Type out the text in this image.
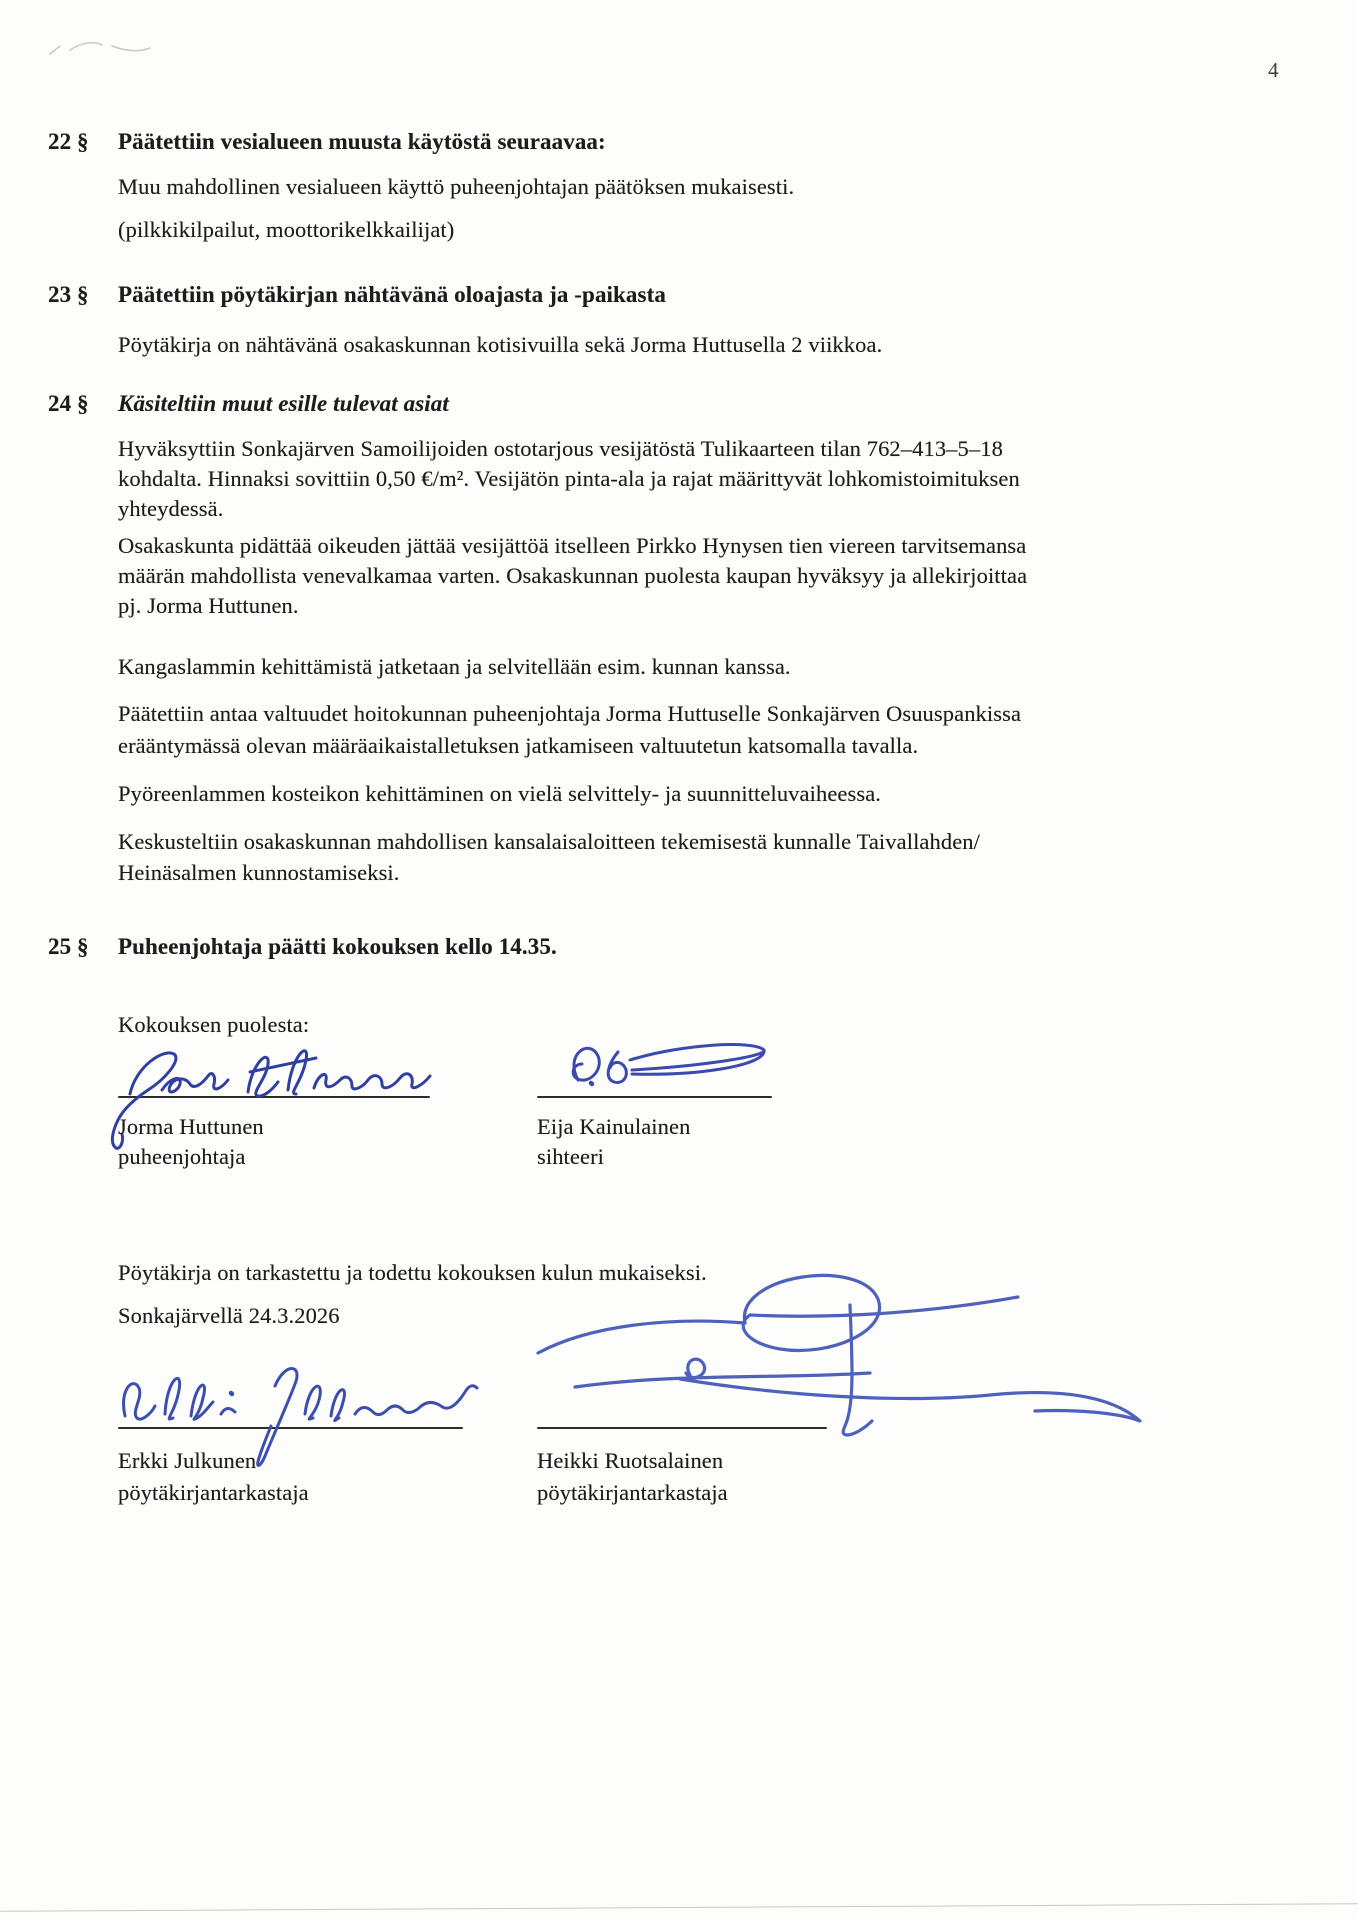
4
22 § Päätettiin vesialueen muusta käytöstä seuraavaa:
Muu mahdollinen vesialueen käyttö puheenjohtajan päätöksen mukaisesti.
(pilkkikilpailut, moottorikelkkailijat)
23 § Päätettiin pöytäkirjan nähtävänä oloajasta ja -paikasta
Pöytäkirja on nähtävänä osakaskunnan kotisivuilla sekä Jorma Huttusella 2 viikkoa.
24 § Käsiteltiin muut esille tulevat asiat
Hyväksyttiin Sonkajärven Samoilijoiden ostotarjous vesijätöstä Tulikaarteen tilan 762–413–5–18
kohdalta. Hinnaksi sovittiin 0,50 €/m². Vesijätön pinta-ala ja rajat määrittyvät lohkomistoimituksen
yhteydessä.
Osakaskunta pidättää oikeuden jättää vesijättöä itselleen Pirkko Hynysen tien viereen tarvitsemansa
määrän mahdollista venevalkamaa varten. Osakaskunnan puolesta kaupan hyväksyy ja allekirjoittaa
pj. Jorma Huttunen.
Kangaslammin kehittämistä jatketaan ja selvitellään esim. kunnan kanssa.
Päätettiin antaa valtuudet hoitokunnan puheenjohtaja Jorma Huttuselle Sonkajärven Osuuspankissa
erääntymässä olevan määräaikaistalletuksen jatkamiseen valtuutetun katsomalla tavalla.
Pyöreenlammen kosteikon kehittäminen on vielä selvittely- ja suunnitteluvaiheessa.
Keskusteltiin osakaskunnan mahdollisen kansalaisaloitteen tekemisestä kunnalle Taivallahden/
Heinäsalmen kunnostamiseksi.
25 § Puheenjohtaja päätti kokouksen kello 14.35.
Kokouksen puolesta:
Jorma Huttunen
puheenjohtaja
Eija Kainulainen
sihteeri
Pöytäkirja on tarkastettu ja todettu kokouksen kulun mukaiseksi.
Sonkajärvellä 24.3.2026
Erkki Julkunen
pöytäkirjantarkastaja
Heikki Ruotsalainen
pöytäkirjantarkastaja
